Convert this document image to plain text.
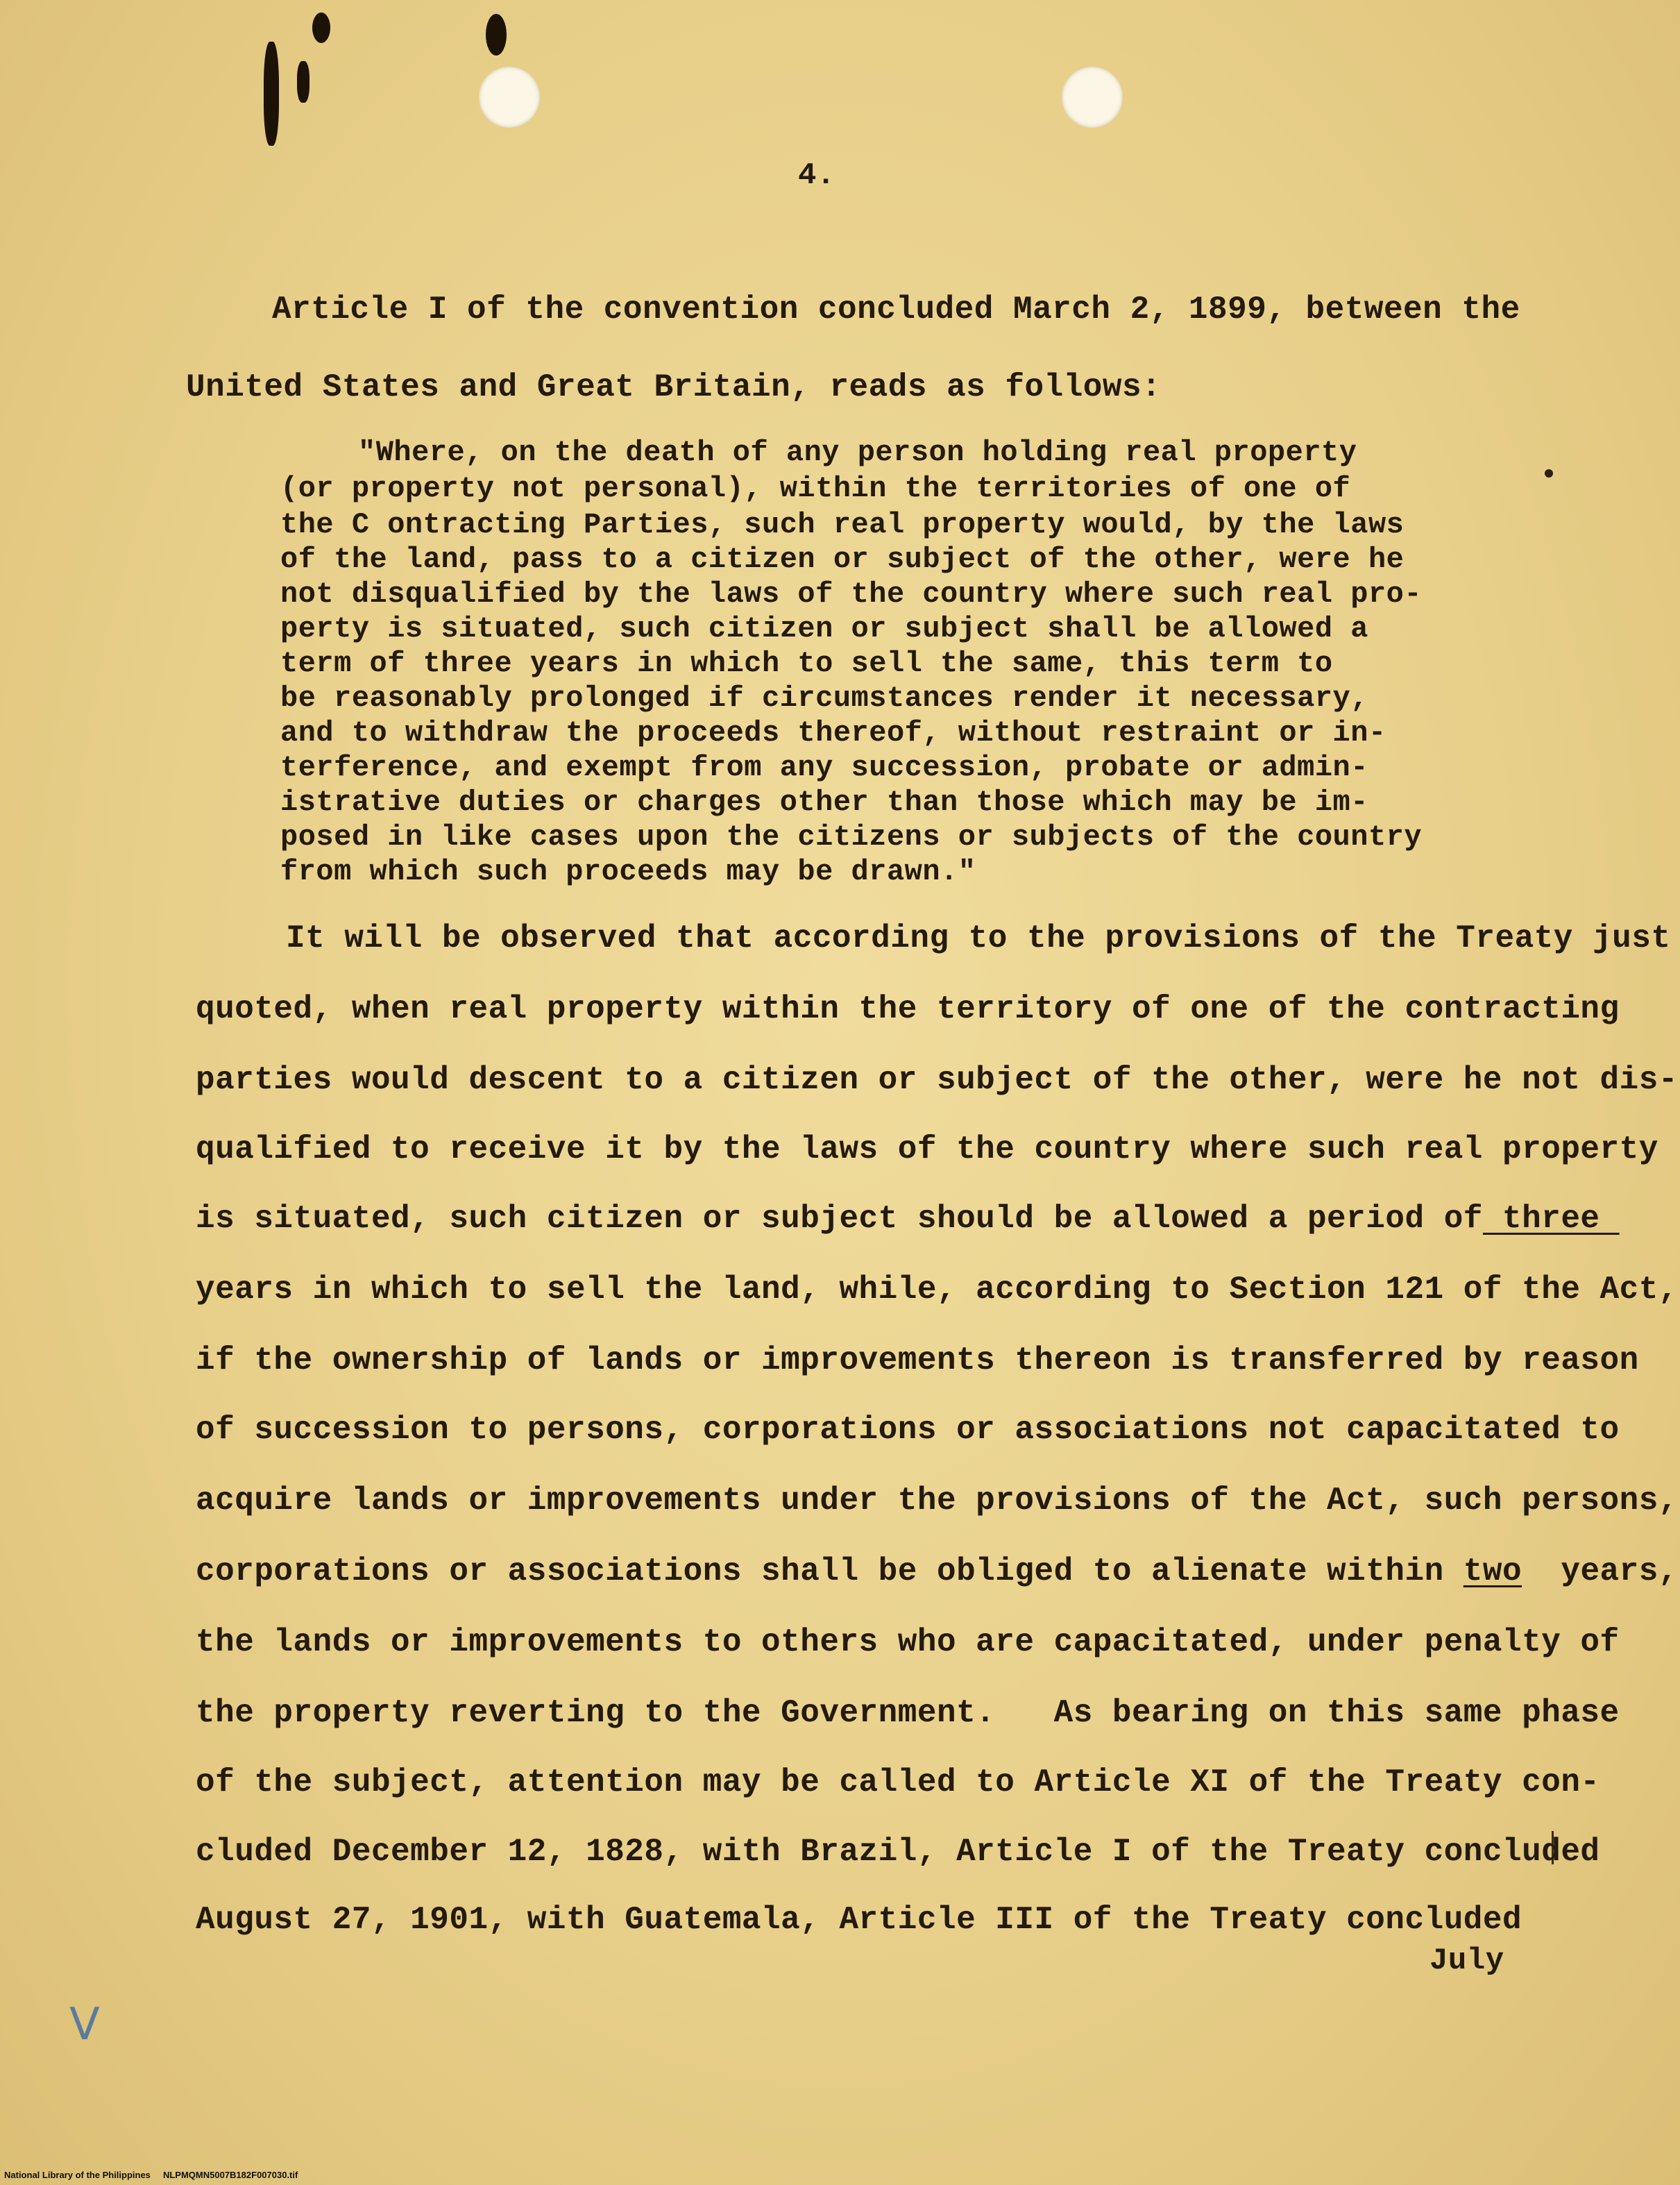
4.
Article I of the convention concluded March 2, 1899, between the
United States and Great Britain, reads as follows:
"Where, on the death of any person holding real property
(or property not personal), within the territories of one of
the C ontracting Parties, such real property would, by the laws
of the land, pass to a citizen or subject of the other, were he
not disqualified by the laws of the country where such real pro-
perty is situated, such citizen or subject shall be allowed a
term of three years in which to sell the same, this term to
be reasonably prolonged if circumstances render it necessary,
and to withdraw the proceeds thereof, without restraint or in-
terference, and exempt from any succession, probate or admin-
istrative duties or charges other than those which may be im-
posed in like cases upon the citizens or subjects of the country
from which such proceeds may be drawn."
It will be observed that according to the provisions of the Treaty just
quoted, when real property within the territory of one of the contracting
parties would descent to a citizen or subject of the other, were he not dis-
qualified to receive it by the laws of the country where such real property
is situated, such citizen or subject should be allowed a period of three
years in which to sell the land, while, according to Section 121 of the Act,
if the ownership of lands or improvements thereon is transferred by reason
of succession to persons, corporations or associations not capacitated to
acquire lands or improvements under the provisions of the Act, such persons,
corporations or associations shall be obliged to alienate within two  years,
the lands or improvements to others who are capacitated, under penalty of
the property reverting to the Government.   As bearing on this same phase
of the subject, attention may be called to Article XI of the Treaty con-
cluded December 12, 1828, with Brazil, Article I of the Treaty concluded
August 27, 1901, with Guatemala, Article III of the Treaty concluded
July
V
National Library of the Philippines     NLPMQMN5007B182F007030.tif
